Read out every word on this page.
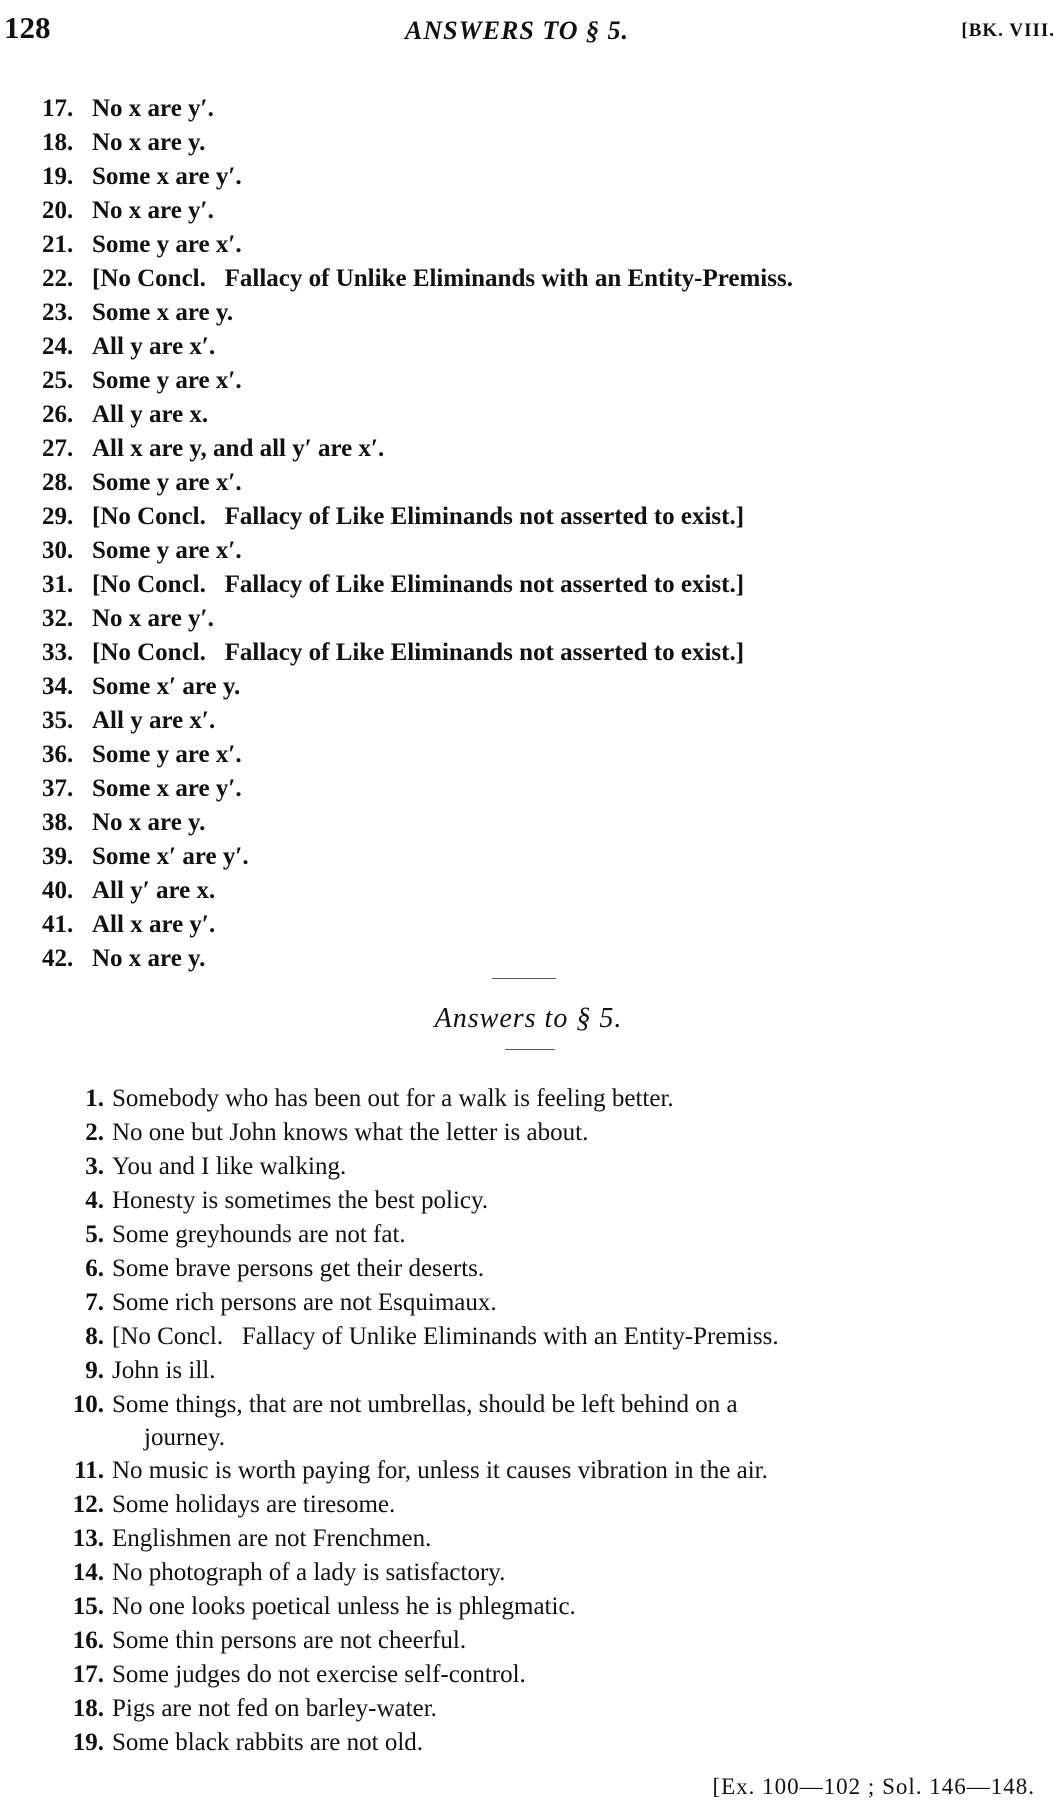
128	ANSWERS TO § 5.	[BK. VIII.
17. No x are y′.
18. No x are y.
19. Some x are y′.
20. No x are y′.
21. Some y are x′.
22. [No Concl.   Fallacy of Unlike Eliminands with an Entity-Premiss.
23. Some x are y.
24. All y are x′.
25. Some y are x′.
26. All y are x.
27. All x are y, and all y′ are x′.
28. Some y are x′.
29. [No Concl.   Fallacy of Like Eliminands not asserted to exist.]
30. Some y are x′.
31. [No Concl.   Fallacy of Like Eliminands not asserted to exist.]
32. No x are y′.
33. [No Concl.   Fallacy of Like Eliminands not asserted to exist.]
34. Some x′ are y.
35. All y are x′.
36. Some y are x′.
37. Some x are y′.
38. No x are y.
39. Some x′ are y′.
40. All y′ are x.
41. All x are y′.
42. No x are y.
Answers to § 5.
1. Somebody who has been out for a walk is feeling better.
2. No one but John knows what the letter is about.
3. You and I like walking.
4. Honesty is sometimes the best policy.
5. Some greyhounds are not fat.
6. Some brave persons get their deserts.
7. Some rich persons are not Esquimaux.
8. [No Concl.   Fallacy of Unlike Eliminands with an Entity-Premiss.
9. John is ill.
10. Some things, that are not umbrellas, should be left behind on a
journey.
11. No music is worth paying for, unless it causes vibration in the air.
12. Some holidays are tiresome.
13. Englishmen are not Frenchmen.
14. No photograph of a lady is satisfactory.
15. No one looks poetical unless he is phlegmatic.
16. Some thin persons are not cheerful.
17. Some judges do not exercise self-control.
18. Pigs are not fed on barley-water.
19. Some black rabbits are not old.
[Ex. 100—102 ; Sol. 146—148.
